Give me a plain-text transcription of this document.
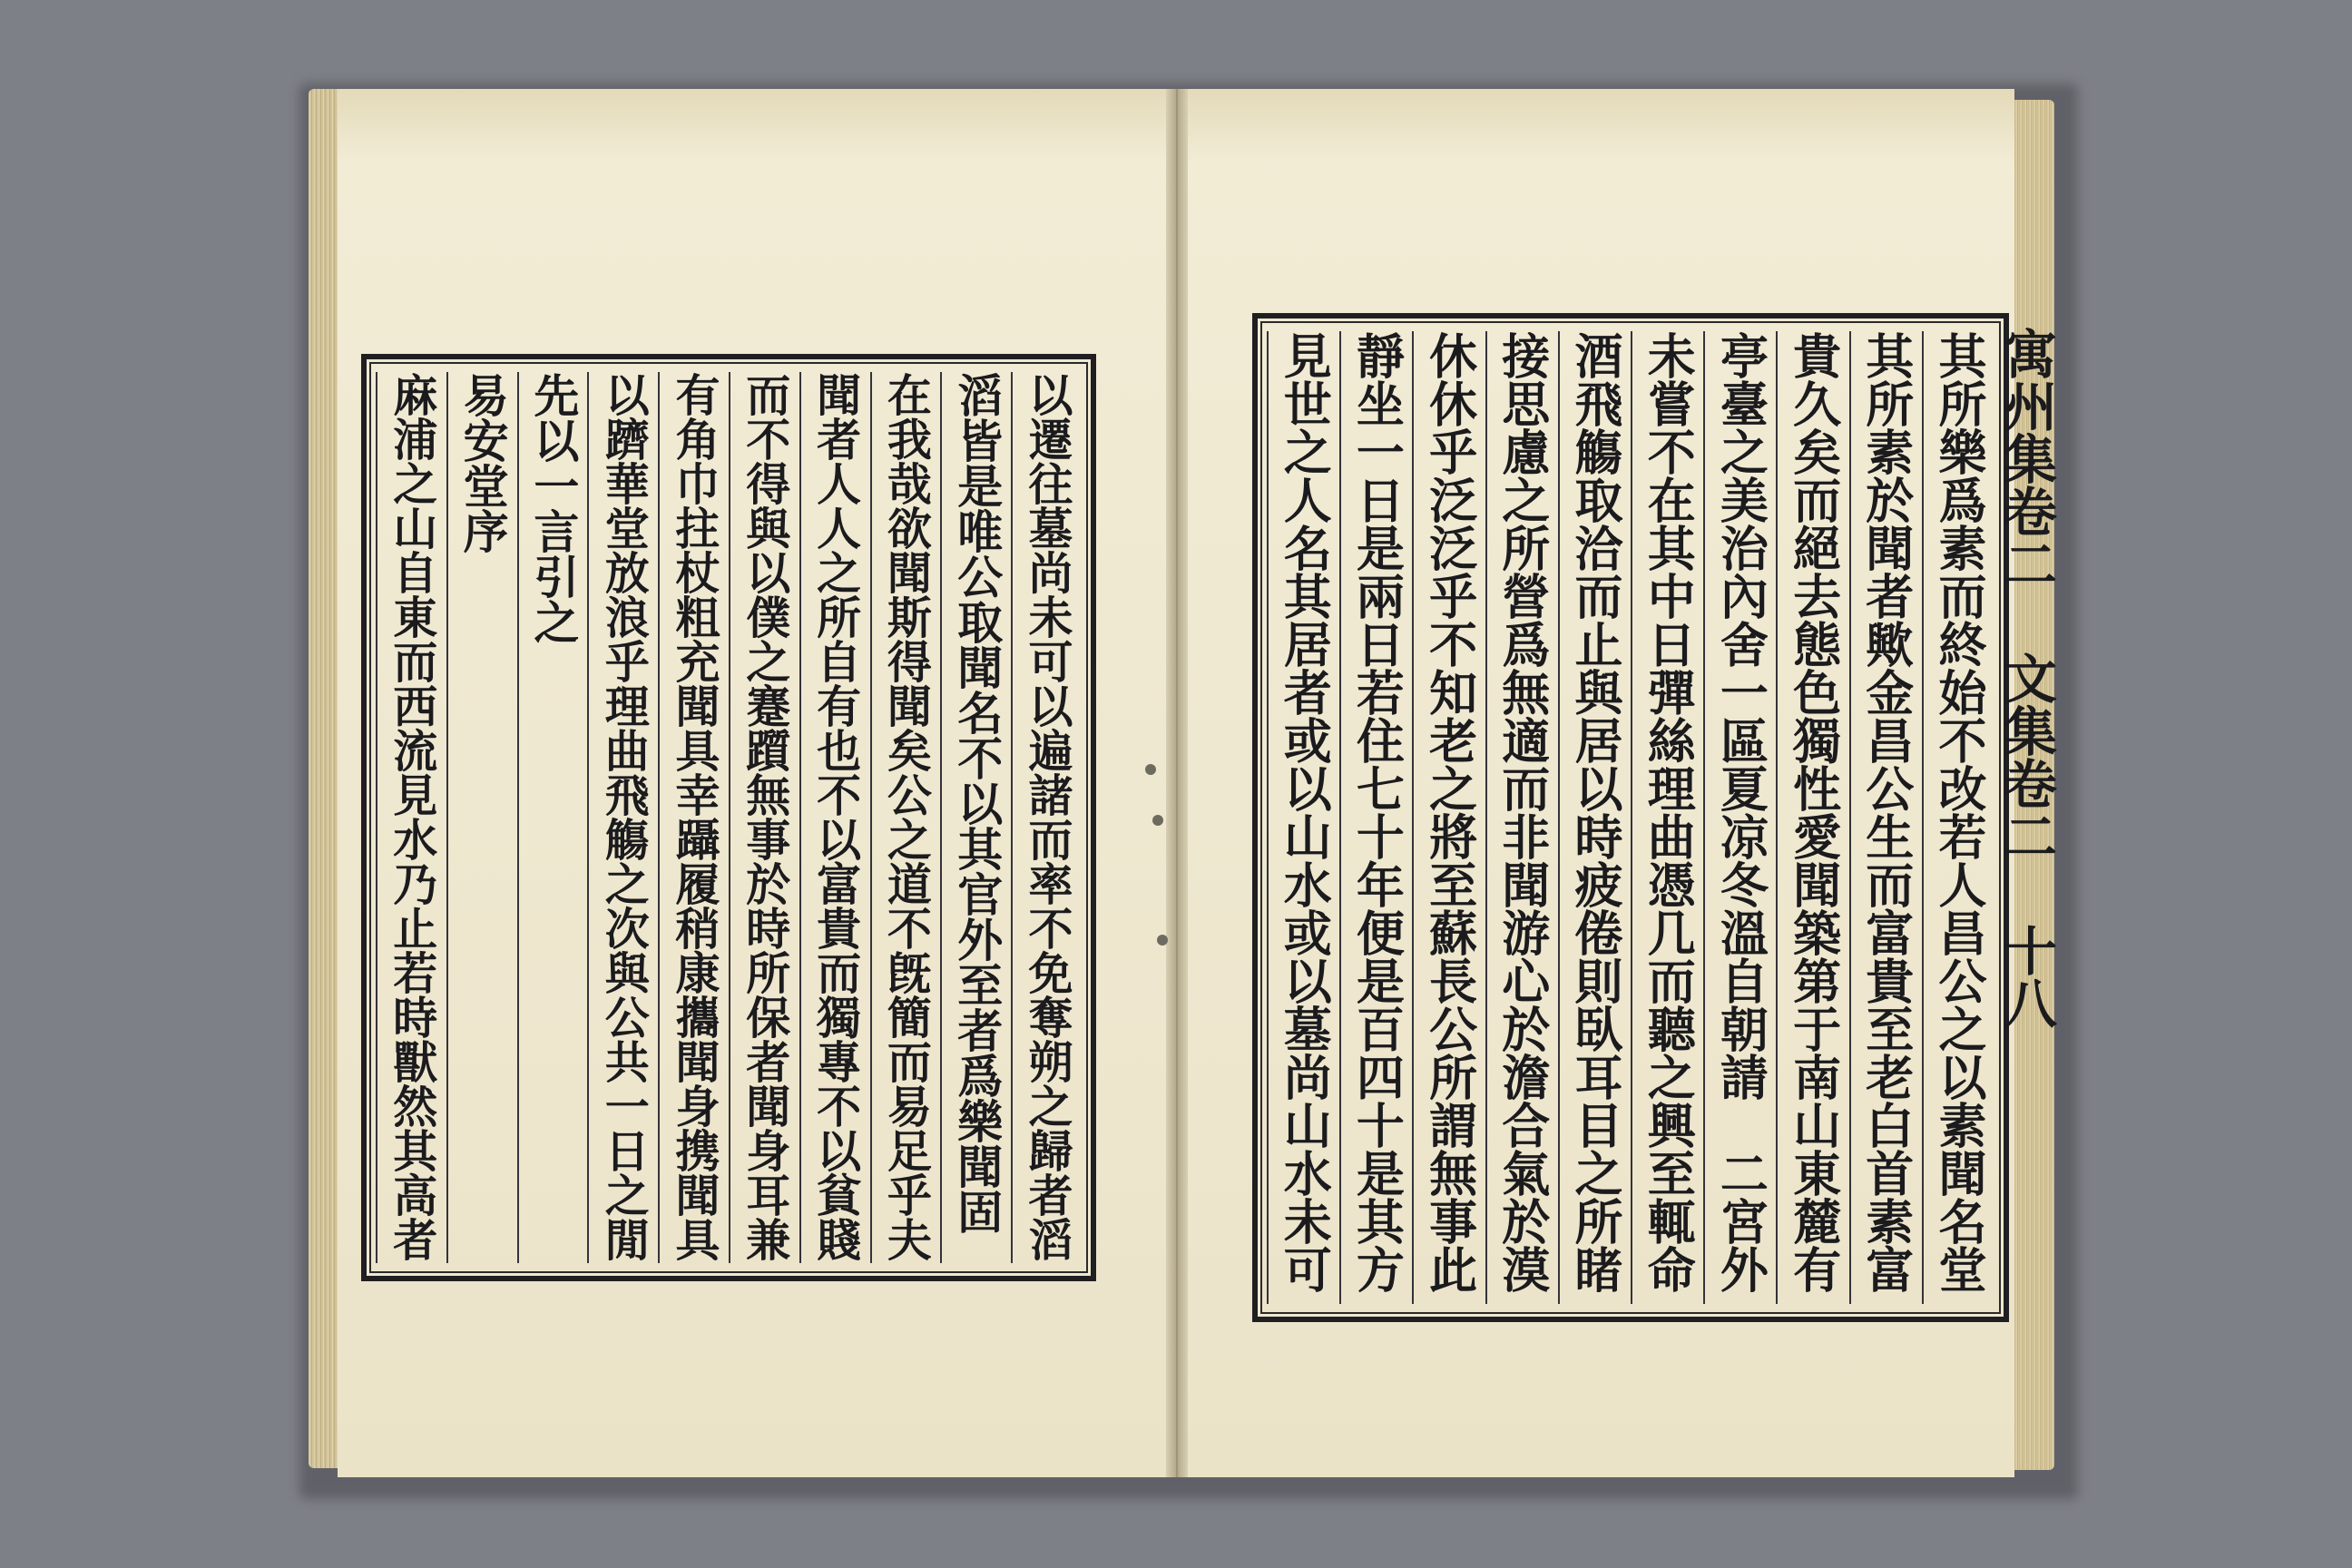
以遷往墓尚未可以遍諸而率不免奪朔之歸者滔
滔皆是唯公取聞名不以其官外至者爲樂聞固
在我哉欲聞斯得聞矣公之道不旣簡而易足乎夫
聞者人人之所自有也不以富貴而獨專不以貧賤
而不得與以僕之蹇躓無事於時所保者聞身耳兼
有角巾拄杖粗充聞具幸躡履稍康攜聞身携聞具
以躋華堂放浪乎理曲飛觴之次與公共一日之閒
先以一言引之
易安堂序
麻浦之山自東而西流見水乃止若時獸然其高者	其所樂爲素而終始不改若人昌公之以素聞名堂
其所素於聞者歟金昌公生而富貴至老白首素富
貴久矣而絕去態色獨性愛聞築第于南山東麓有
亭臺之美治內舍一區夏凉冬溫自朝請　二宮外
未嘗不在其中日彈絲理曲憑几而聽之興至輒命
酒飛觴取洽而止與居以時疲倦則臥耳目之所睹
接思慮之所營爲無適而非聞游心於澹合氣於漠
休休乎泛泛乎不知老之將至蘇長公所謂無事此
靜坐一日是兩日若住七十年便是百四十是其方
見世之人名其居者或以山水或以墓尚山水未可	寓州集卷二 文集卷二 十八
